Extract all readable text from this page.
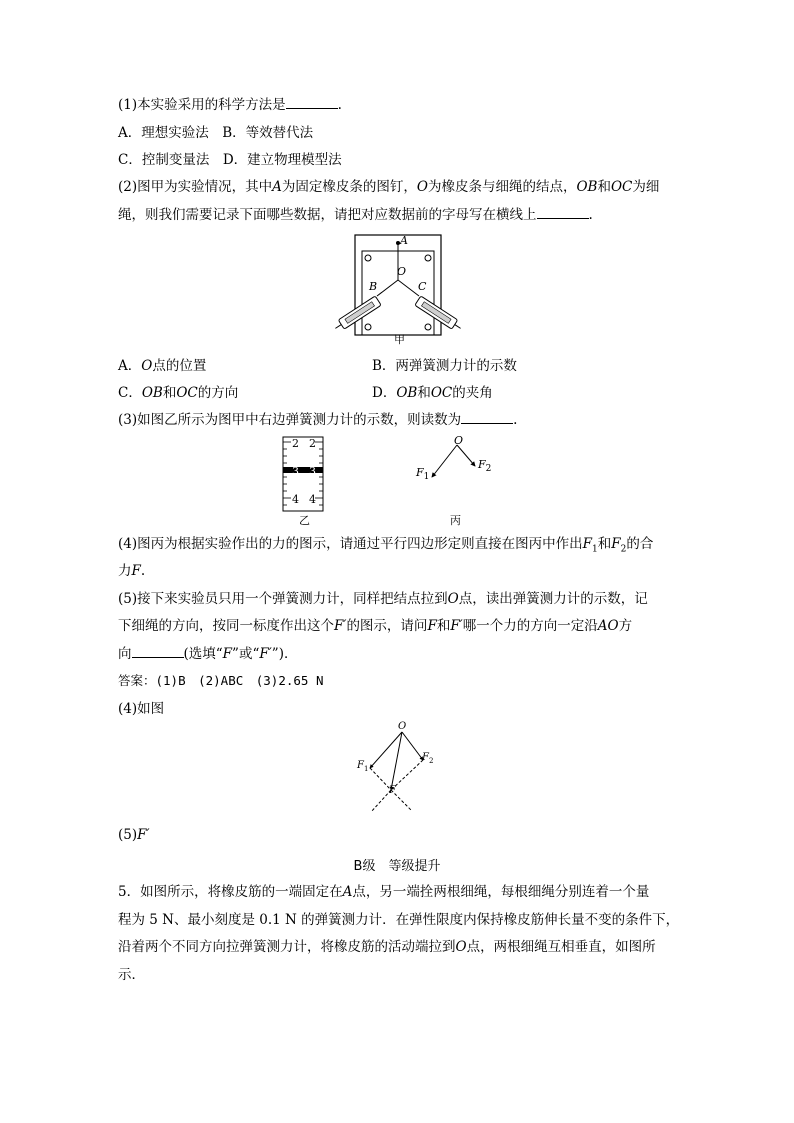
(1)本实验采用的科学方法是	.
A．理想实验法　 B．等效替代法
C．控制变量法　 D．建立物理模型法
(2)图甲为实验情况，其中A为固定橡皮条的图钉，O为橡皮条与细绳的结点，OB和OC为细
绳，则我们需要记录下面哪些数据，请把对应数据前的字母写在横线上	.
A
O
B	C
甲
A．O点的位置	B．两弹簧测力计的示数
C．OB和OC的方向	D．OB和OC的夹角
(3)如图乙所示为图甲中右边弹簧测力计的示数，则读数为	.
2 2
3 3
4 4
乙
O
$F_1$
$F_2$
丙
(4)图丙为根据实验作出的力的图示，请通过平行四边形定则直接在图丙中作出$F_1$和$F_2$的合
力F.
(5)接下来实验员只用一个弹簧测力计，同样把结点拉到O点，读出弹簧测力计的示数，记
下细绳的方向，按同一标度作出这个F′的图示，请问F和F′哪一个力的方向一定沿AO方
向	(选填“F”或“F′”)．
答案：(1)B　(2)ABC　(3)2.65 N
(4)如图
O
$F_1$
$F_2$
F
(5)F′
B级　等级提升
5．如图所示，将橡皮筋的一端固定在A点，另一端拴两根细绳，每根细绳分别连着一个量
程为 5 N、最小刻度是 0.1 N 的弹簧测力计．在弹性限度内保持橡皮筋伸长量不变的条件下，
沿着两个不同方向拉弹簧测力计，将橡皮筋的活动端拉到O点，两根细绳互相垂直，如图所
示．
